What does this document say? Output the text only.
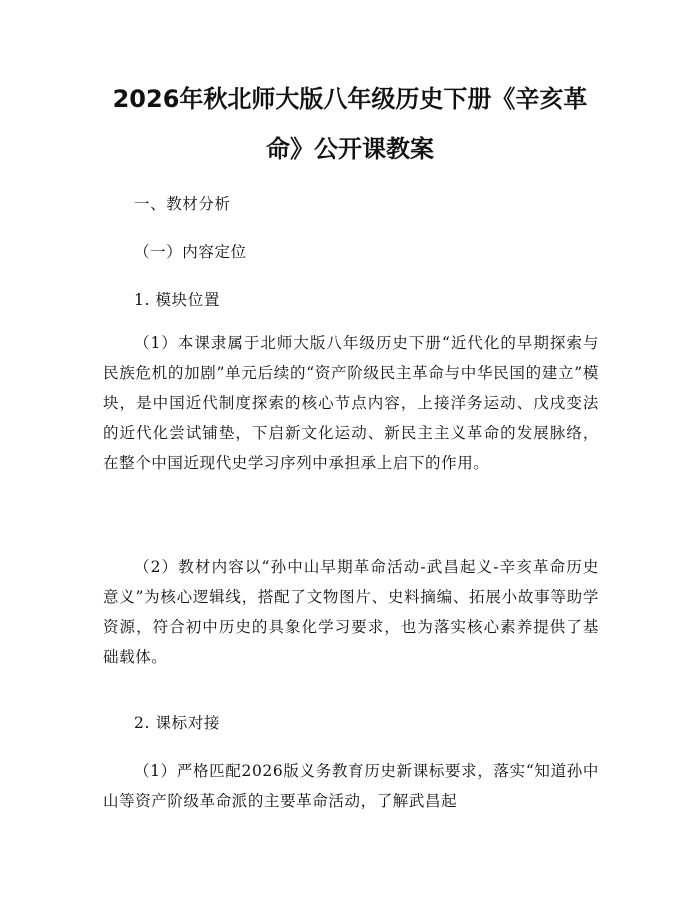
2026年秋北师大版八年级历史下册《辛亥革
命》公开课教案

一、教材分析

（一）内容定位

1. 模块位置

（1）本课隶属于北师大版八年级历史下册“近代化的早期探索与民族危机的加剧”单元后续的“资产阶级民主革命与中华民国的建立”模块，是中国近代制度探索的核心节点内容，上接洋务运动、戊戌变法的近代化尝试铺垫，下启新文化运动、新民主主义革命的发展脉络，在整个中国近现代史学习序列中承担承上启下的作用。

（2）教材内容以“孙中山早期革命活动-武昌起义-辛亥革命历史意义”为核心逻辑线，搭配了文物图片、史料摘编、拓展小故事等助学资源，符合初中历史的具象化学习要求，也为落实核心素养提供了基础载体。

2. 课标对接

（1）严格匹配2026版义务教育历史新课标要求，落实“知道孙中山等资产阶级革命派的主要革命活动，了解武昌起
